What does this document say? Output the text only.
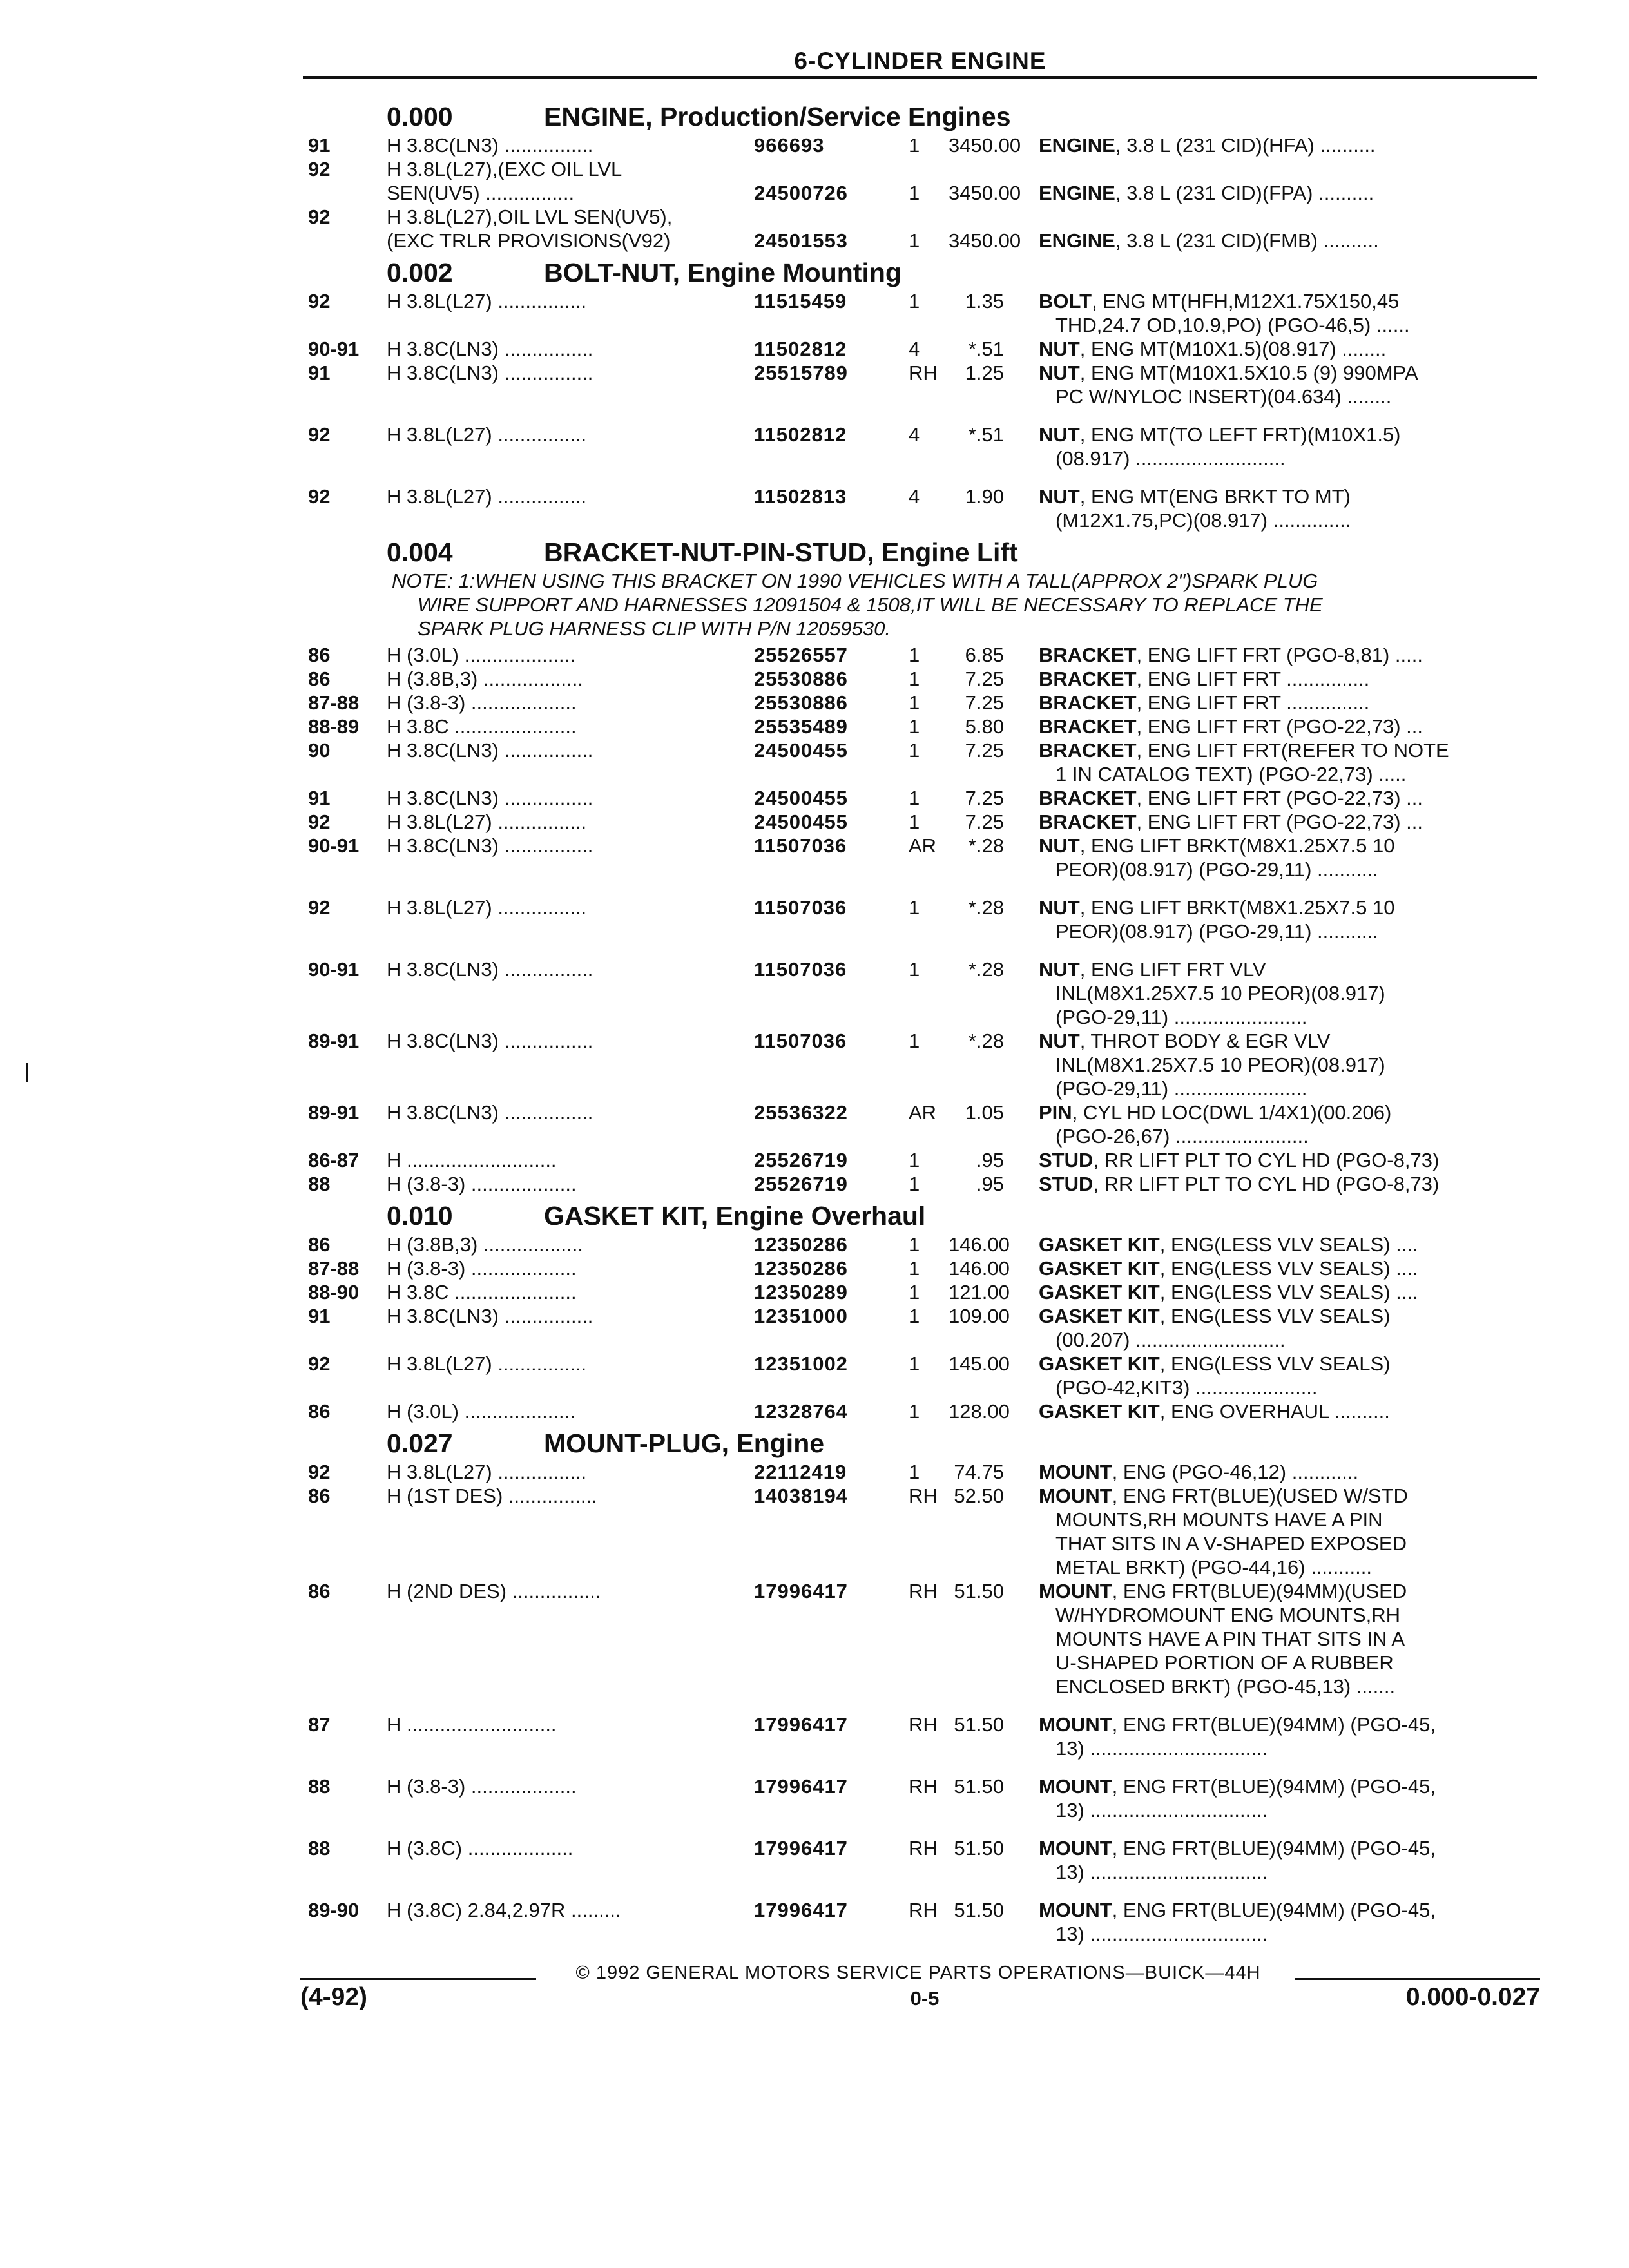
6-CYLINDER ENGINE
0.000	ENGINE, Production/Service Engines
91	H 3.8C(LN3) ................	966693	1	3450.00 ENGINE, 3.8 L (231 CID)(HFA) ..........
92	H 3.8L(L27),(EXC OIL LVL
SEN(UV5) ................	24500726	1	3450.00
ENGINE, 3.8 L (231 CID)(FPA) ..........
92	H 3.8L(L27),OIL LVL SEN(UV5),
(EXC TRLR PROVISIONS(V92)	24501553	1	3450.00
ENGINE, 3.8 L (231 CID)(FMB) ..........
0.002	BOLT-NUT, Engine Mounting
92	H 3.8L(L27) ................	11515459	1	1.35	BOLT, ENG MT(HFH,M12X1.75X150,45
THD,24.7 OD,10.9,PO) (PGO-46,5) ......
90-91	H 3.8C(LN3) ................	11502812	4	*.51	NUT, ENG MT(M10X1.5)(08.917) ........
91	H 3.8C(LN3) ................	25515789	RH	1.25	NUT, ENG MT(M10X1.5X10.5 (9) 990MPA
PC W/NYLOC INSERT)(04.634) ........
92	H 3.8L(L27) ................	11502812	4	*.51	NUT, ENG MT(TO LEFT FRT)(M10X1.5)
(08.917) ...........................
92	H 3.8L(L27) ................	11502813	4	1.90	NUT, ENG MT(ENG BRKT TO MT)
(M12X1.75,PC)(08.917) ..............
0.004	BRACKET-NUT-PIN-STUD, Engine Lift
NOTE: 1:WHEN USING THIS BRACKET ON 1990 VEHICLES WITH A TALL(APPROX 2")SPARK PLUG
WIRE SUPPORT AND HARNESSES 12091504 & 1508,IT WILL BE NECESSARY TO REPLACE THE
SPARK PLUG HARNESS CLIP WITH P/N 12059530.
86	H (3.0L) ....................	25526557	1	6.85	BRACKET, ENG LIFT FRT (PGO-8,81) .....
86	H (3.8B,3) ..................	25530886	1	7.25	BRACKET, ENG LIFT FRT ...............
87-88	H (3.8-3) ...................	25530886	1	7.25	BRACKET, ENG LIFT FRT ...............
88-89	H 3.8C ......................	25535489	1	5.80	BRACKET, ENG LIFT FRT (PGO-22,73) ...
90	H 3.8C(LN3) ................	24500455	1	7.25	BRACKET, ENG LIFT FRT(REFER TO NOTE
1 IN CATALOG TEXT) (PGO-22,73) .....
91	H 3.8C(LN3) ................	24500455	1	7.25	BRACKET, ENG LIFT FRT (PGO-22,73) ...
92	H 3.8L(L27) ................	24500455	1	7.25	BRACKET, ENG LIFT FRT (PGO-22,73) ...
90-91	H 3.8C(LN3) ................	11507036	AR	*.28	NUT, ENG LIFT BRKT(M8X1.25X7.5 10
PEOR)(08.917) (PGO-29,11) ...........
92	H 3.8L(L27) ................	11507036	1	*.28	NUT, ENG LIFT BRKT(M8X1.25X7.5 10
PEOR)(08.917) (PGO-29,11) ...........
90-91	H 3.8C(LN3) ................	11507036	1	*.28	NUT, ENG LIFT FRT VLV
INL(M8X1.25X7.5 10 PEOR)(08.917)
(PGO-29,11) ........................
89-91	H 3.8C(LN3) ................	11507036	1	*.28	NUT, THROT BODY & EGR VLV
INL(M8X1.25X7.5 10 PEOR)(08.917)
(PGO-29,11) ........................
89-91	H 3.8C(LN3) ................	25536322	AR	1.05	PIN, CYL HD LOC(DWL 1/4X1)(00.206)
(PGO-26,67) ........................
86-87	H ...........................	25526719	1	.95	STUD, RR LIFT PLT TO CYL HD (PGO-8,73)
88	H (3.8-3) ...................	25526719	1	.95	STUD, RR LIFT PLT TO CYL HD (PGO-8,73)
0.010	GASKET KIT, Engine Overhaul
86	H (3.8B,3) ..................	12350286	1	146.00	GASKET KIT, ENG(LESS VLV SEALS) ....
87-88	H (3.8-3) ...................	12350286	1	146.00	GASKET KIT, ENG(LESS VLV SEALS) ....
88-90	H 3.8C ......................	12350289	1	121.00	GASKET KIT, ENG(LESS VLV SEALS) ....
91	H 3.8C(LN3) ................	12351000	1	109.00	GASKET KIT, ENG(LESS VLV SEALS)
(00.207) ...........................
92	H 3.8L(L27) ................	12351002	1	145.00	GASKET KIT, ENG(LESS VLV SEALS)
(PGO-42,KIT3) ......................
86	H (3.0L) ....................	12328764	1	128.00	GASKET KIT, ENG OVERHAUL ..........
0.027	MOUNT-PLUG, Engine
92	H 3.8L(L27) ................	22112419	1	74.75	MOUNT, ENG (PGO-46,12) ............
86	H (1ST DES) ................	14038194	RH 52.50	MOUNT, ENG FRT(BLUE)(USED W/STD
MOUNTS,RH MOUNTS HAVE A PIN
THAT SITS IN A V-SHAPED EXPOSED
METAL BRKT) (PGO-44,16) ...........
86	H (2ND DES) ................	17996417	RH 51.50	MOUNT, ENG FRT(BLUE)(94MM)(USED
W/HYDROMOUNT ENG MOUNTS,RH
MOUNTS HAVE A PIN THAT SITS IN A
U-SHAPED PORTION OF A RUBBER
ENCLOSED BRKT) (PGO-45,13) .......
87	H ...........................	17996417	RH 51.50	MOUNT, ENG FRT(BLUE)(94MM) (PGO-45,
13) ................................
88	H (3.8-3) ...................	17996417	RH 51.50	MOUNT, ENG FRT(BLUE)(94MM) (PGO-45,
13) ................................
88	H (3.8C) ...................	17996417	RH 51.50	MOUNT, ENG FRT(BLUE)(94MM) (PGO-45,
13) ................................
89-90	H (3.8C) 2.84,2.97R .........	17996417	RH 51.50	MOUNT, ENG FRT(BLUE)(94MM) (PGO-45,
13) ................................
© 1992 GENERAL MOTORS SERVICE PARTS OPERATIONS—BUICK—44H
(4-92)	0-5	0.000-0.027
